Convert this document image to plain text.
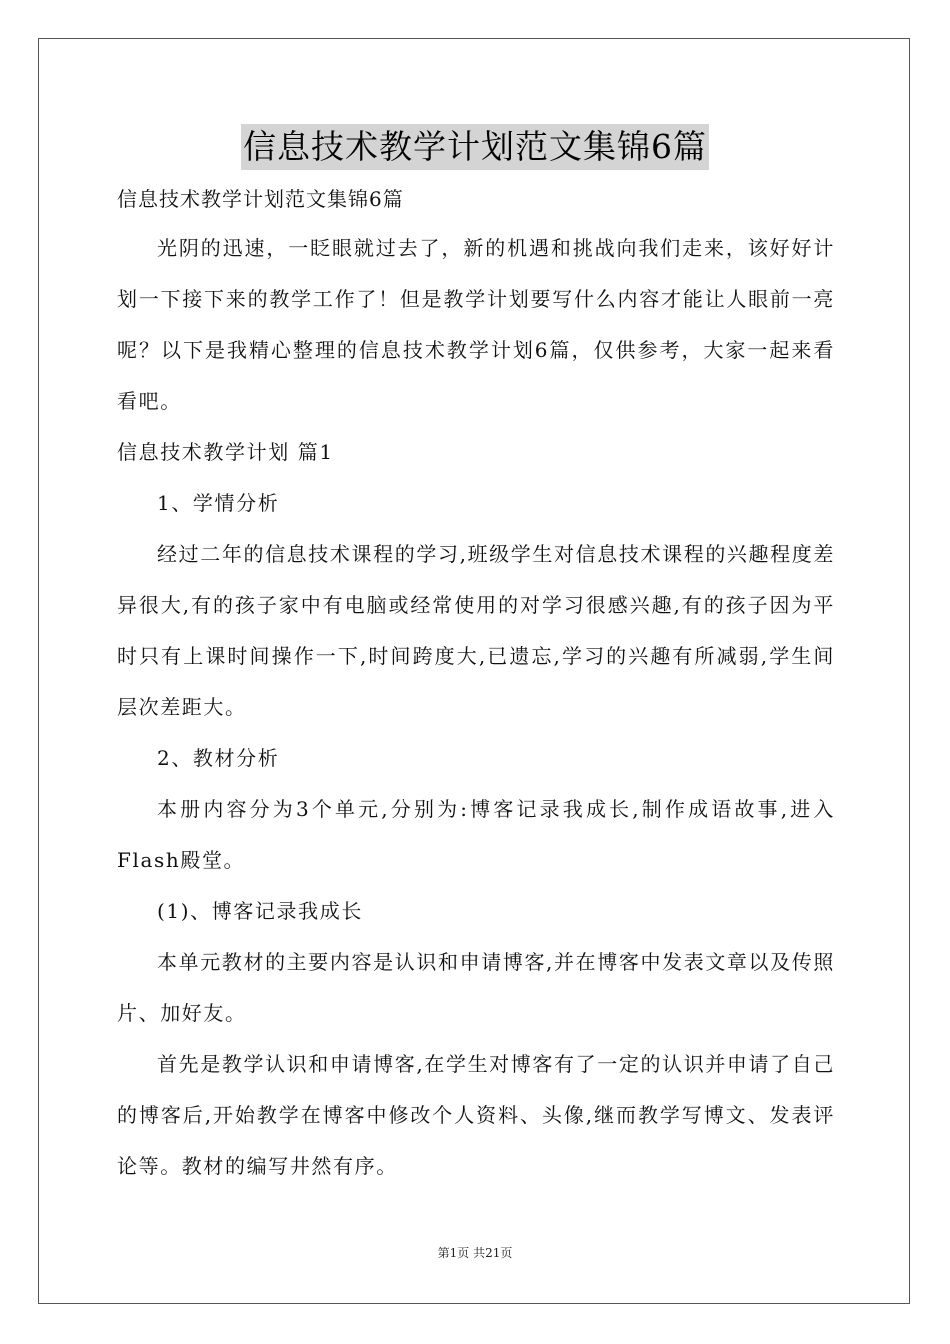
信息技术教学计划范文集锦6篇

信息技术教学计划范文集锦6篇

光阴的迅速，一眨眼就过去了，新的机遇和挑战向我们走来，该好好计划一下接下来的教学工作了！但是教学计划要写什么内容才能让人眼前一亮呢？以下是我精心整理的信息技术教学计划6篇，仅供参考，大家一起来看看吧。

信息技术教学计划 篇1

1、学情分析

经过二年的信息技术课程的学习,班级学生对信息技术课程的兴趣程度差异很大,有的孩子家中有电脑或经常使用的对学习很感兴趣,有的孩子因为平时只有上课时间操作一下,时间跨度大,已遗忘,学习的兴趣有所减弱,学生间层次差距大。

2、教材分析

本册内容分为3个单元,分别为:博客记录我成长,制作成语故事,进入Flash殿堂。

(1)、博客记录我成长

本单元教材的主要内容是认识和申请博客,并在博客中发表文章以及传照片、加好友。

首先是教学认识和申请博客,在学生对博客有了一定的认识并申请了自己的博客后,开始教学在博客中修改个人资料、头像,继而教学写博文、发表评论等。教材的编写井然有序。

第1页 共21页
